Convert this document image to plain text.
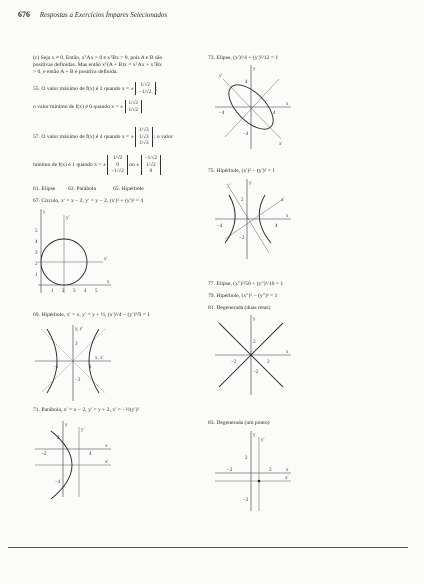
676 Respostas a Exercícios Ímpares Selecionados
(c) Seja x ≠ 0. Então, xᵀAx > 0 e xᵀBx > 0, pois A e B são
positivas definidas. Mas então xᵀ(A + B)x = xᵀAx + xᵀBx
> 0, e então A + B é positiva definida.
55. O valor máximo de f(x) é 2 quando x = ± 1/√2
−1/√2 ;
o valor mínimo de f(x) é 0 quando x = ± 1/√2
1/√2
57. O valor máximo de f(x) é 4 quando x = ± 1/√3
1/√3
1/√3 ; o valor
mínimo de f(x) é 1 quando x = ± 1/√2
0
−1/√2 ou ± −1/√2
1/√2
0
61. Elipse 63. Parábola	65. Hipérbole
67. Círculo, x′ = x − 2, y′ = y − 2, (x′)² + (y′)² = 4
y
y′
x′
x
1 2 3 4 5
1
2
3
4
5
69. Hipérbole, x′ = x, y′ = y + ½, (x′)²/4 − (y′)²/9 = 1
y, y′
x, x′
3
−3
−1	1
71. Parábola, x′ = x − 2, y′ = y + 2, x′ = −½(y′)²
y
y′
x
x′
2
−2	4
−4
73. Elipse, (x′)²/4 + (y′)²/12 = 1
y
x
y′
x′
4
−4
4
−4
75. Hipérbole, (x′)² − (y′)² = 1
y
x
y′
x′
2
−2
4
−4
77. Elipse, (x″)²/50 + (y″)²/10 = 1
79. Hipérbole, (x″)² − (y″)² = 1
81. Degenerada (duas retas)
y
x
2
−2
2
−2
83. Degenerada (um ponto)
y
y′
x
x′
2
−2
2
−2
